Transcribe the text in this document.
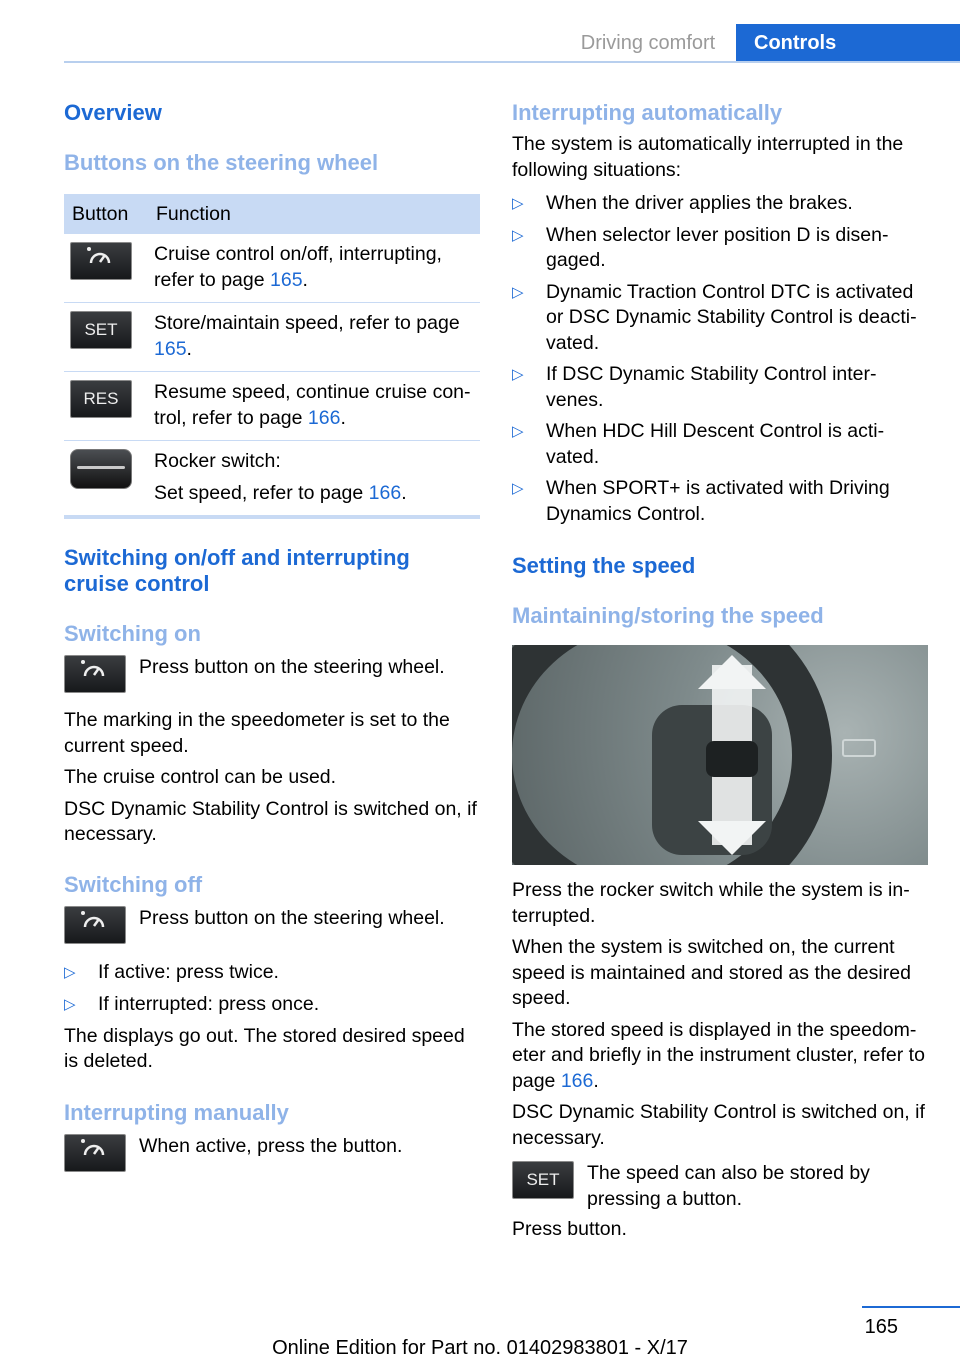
Driving comfort	Controls
Overview
Buttons on the steering wheel
Button	Function
	Cruise control on/off, interrupting, refer to page 165.
SET	Store/maintain speed, refer to page 165.
RES	Resume speed, continue cruise con‐trol, refer to page 166.

	Rocker switch:
Set speed, refer to page 166.
Switching on/off and interrupting cruise control
Switching on

Press button on the steering wheel.

The marking in the speedometer is set to the current speed.

The cruise control can be used.

DSC Dynamic Stability Control is switched on, if necessary.

Switching off

Press button on the steering wheel.

▷ If active: press twice.
▷ If interrupted: press once.

The displays go out. The stored desired speed is deleted.

Interrupting manually

When active, press the button.

Interrupting automatically

The system is automatically interrupted in the following situations:

▷ When the driver applies the brakes.
▷ When selector lever position D is disen‐gaged.
▷ Dynamic Traction Control DTC is activated or DSC Dynamic Stability Control is deacti‐vated.
▷ If DSC Dynamic Stability Control inter‐venes.
▷ When HDC Hill Descent Control is acti‐vated.
▷ When SPORT+ is activated with Driving Dynamics Control.
Setting the speed
Maintaining/storing the speed

Press the rocker switch while the system is in‐terrupted.

When the system is switched on, the current speed is maintained and stored as the desired speed.

The stored speed is displayed in the speedom‐eter and briefly in the instrument cluster, refer to page 166.

DSC Dynamic Stability Control is switched on, if necessary.

SET	The speed can also be stored by pressing a button.

Press button.

165
Online Edition for Part no. 01402983801 - X/17
